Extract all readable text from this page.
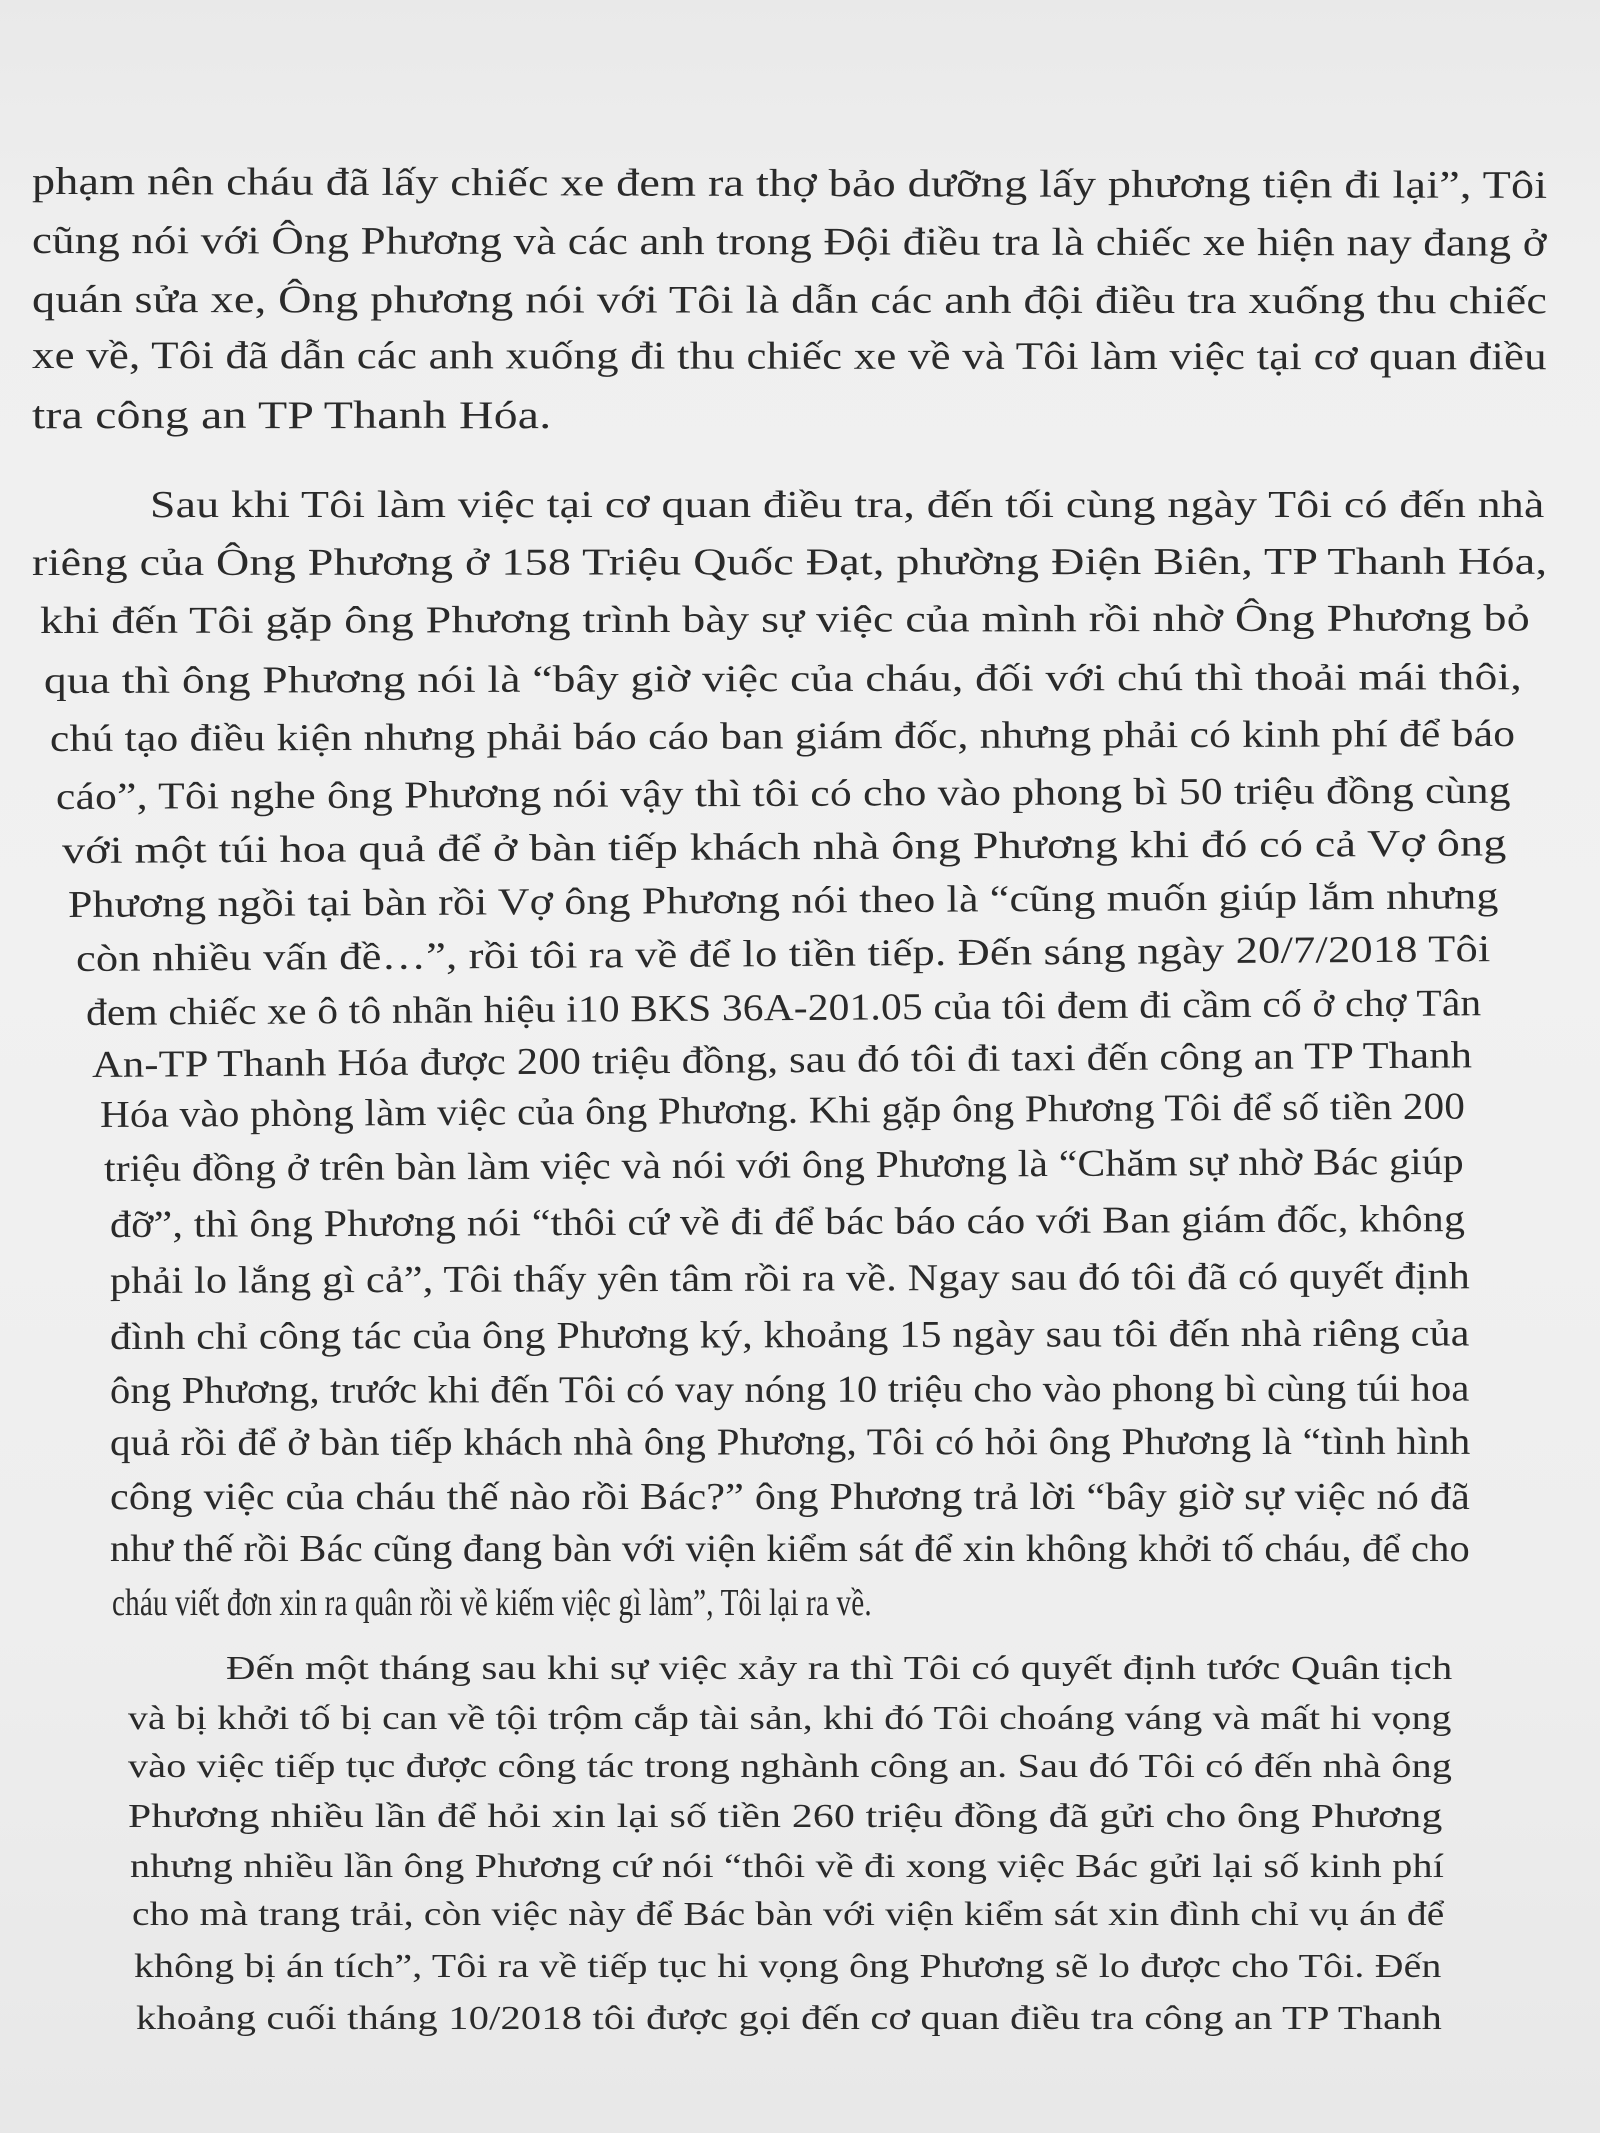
phạm nên cháu đã lấy chiếc xe đem ra thợ bảo dưỡng lấy phương tiện đi lại”, Tôi
cũng nói với Ông Phương và các anh trong Đội điều tra là chiếc xe hiện nay đang ở
quán sửa xe, Ông phương nói với Tôi là dẫn các anh đội điều tra xuống thu chiếc
xe về, Tôi đã dẫn các anh xuống đi thu chiếc xe về và Tôi làm việc tại cơ quan điều
tra công an TP Thanh Hóa.
Sau khi Tôi làm việc tại cơ quan điều tra, đến tối cùng ngày Tôi có đến nhà
riêng của Ông Phương ở 158 Triệu Quốc Đạt, phường Điện Biên, TP Thanh Hóa,
khi đến Tôi gặp ông Phương trình bày sự việc của mình rồi nhờ Ông Phương bỏ
qua thì ông Phương nói là “bây giờ việc của cháu, đối với chú thì thoải mái thôi,
chú tạo điều kiện nhưng phải báo cáo ban giám đốc, nhưng phải có kinh phí để báo
cáo”, Tôi nghe ông Phương nói vậy thì tôi có cho vào phong bì 50 triệu đồng cùng
với một túi hoa quả để ở bàn tiếp khách nhà ông Phương khi đó có cả Vợ ông
Phương ngồi tại bàn rồi Vợ ông Phương nói theo là “cũng muốn giúp lắm nhưng
còn nhiều vấn đề…”, rồi tôi ra về để lo tiền tiếp. Đến sáng ngày 20/7/2018 Tôi
đem chiếc xe ô tô nhãn hiệu i10 BKS 36A-201.05 của tôi đem đi cầm cố ở chợ Tân
An-TP Thanh Hóa được 200 triệu đồng, sau đó tôi đi taxi đến công an TP Thanh
Hóa vào phòng làm việc của ông Phương. Khi gặp ông Phương Tôi để số tiền 200
triệu đồng ở trên bàn làm việc và nói với ông Phương là “Chăm sự nhờ Bác giúp
đỡ”, thì ông Phương nói “thôi cứ về đi để bác báo cáo với Ban giám đốc, không
phải lo lắng gì cả”, Tôi thấy yên tâm rồi ra về. Ngay sau đó tôi đã có quyết định
đình chỉ công tác của ông Phương ký, khoảng 15 ngày sau tôi đến nhà riêng của
ông Phương, trước khi đến Tôi có vay nóng 10 triệu cho vào phong bì cùng túi hoa
quả rồi để ở bàn tiếp khách nhà ông Phương, Tôi có hỏi ông Phương là “tình hình
công việc của cháu thế nào rồi Bác?” ông Phương trả lời “bây giờ sự việc nó đã
như thế rồi Bác cũng đang bàn với viện kiểm sát để xin không khởi tố cháu, để cho
cháu viết đơn xin ra quân rồi về kiếm việc gì làm”, Tôi lại ra về.
Đến một tháng sau khi sự việc xảy ra thì Tôi có quyết định tước Quân tịch
và bị khởi tố bị can về tội trộm cắp tài sản, khi đó Tôi choáng váng và mất hi vọng
vào việc tiếp tục được công tác trong nghành công an. Sau đó Tôi có đến nhà ông
Phương nhiều lần để hỏi xin lại số tiền 260 triệu đồng đã gửi cho ông Phương
nhưng nhiều lần ông Phương cứ nói “thôi về đi xong việc Bác gửi lại số kinh phí
cho mà trang trải, còn việc này để Bác bàn với viện kiểm sát xin đình chỉ vụ án để
không bị án tích”, Tôi ra về tiếp tục hi vọng ông Phương sẽ lo được cho Tôi. Đến
khoảng cuối tháng 10/2018 tôi được gọi đến cơ quan điều tra công an TP Thanh
